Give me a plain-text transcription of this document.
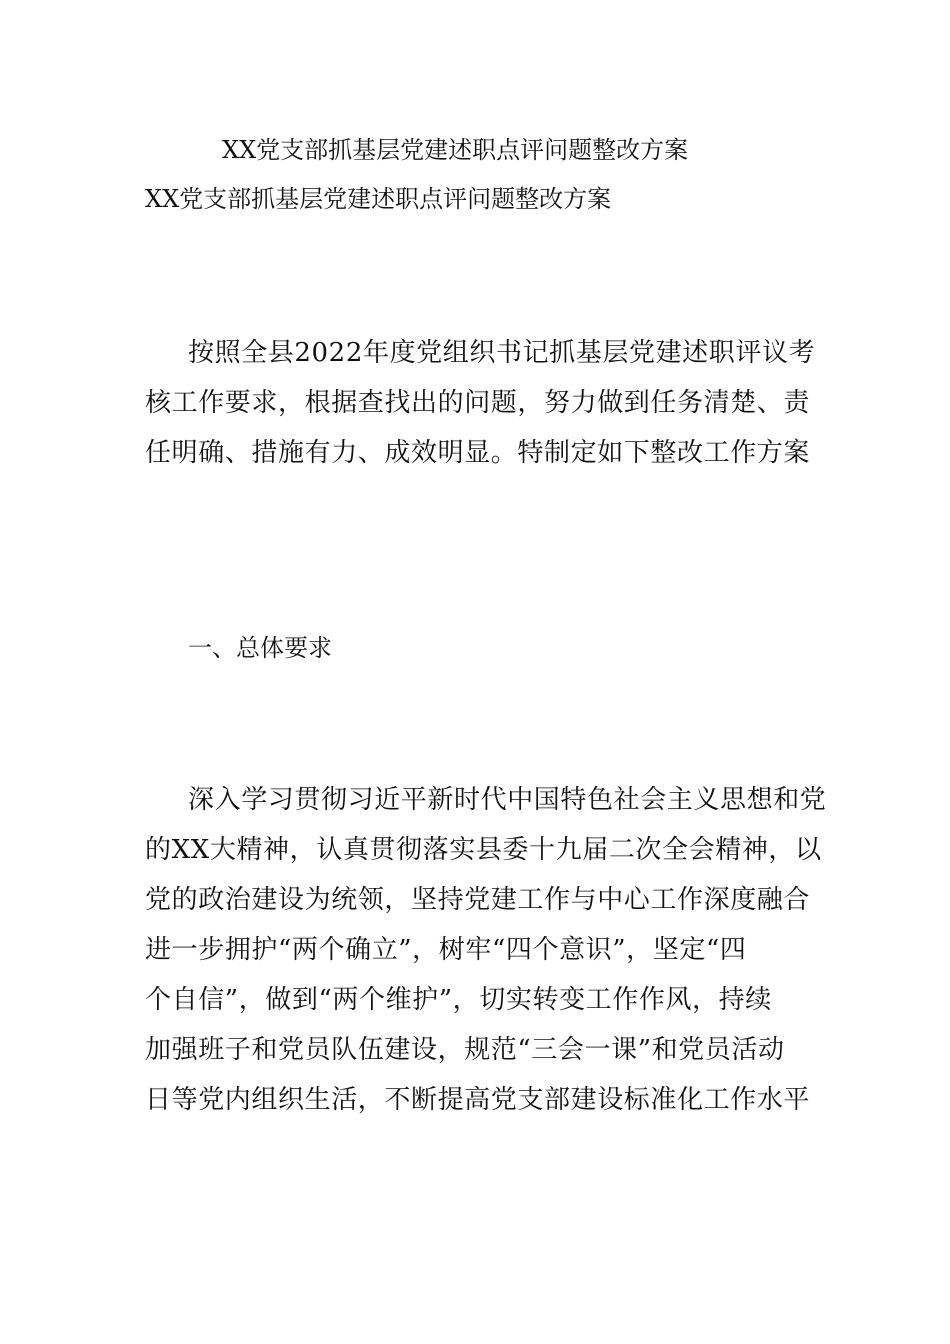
XX党支部抓基层党建述职点评问题整改方案
XX党支部抓基层党建述职点评问题整改方案
按照全县2022年度党组织书记抓基层党建述职评议考
核工作要求，根据查找出的问题，努力做到任务清楚、责
任明确、措施有力、成效明显。特制定如下整改工作方案
一、总体要求
深入学习贯彻习近平新时代中国特色社会主义思想和党
的XX大精神，认真贯彻落实县委十九届二次全会精神，以
党的政治建设为统领，坚持党建工作与中心工作深度融合
进一步拥护“两个确立”，树牢“四个意识”，坚定“四
个自信”，做到“两个维护”，切实转变工作作风，持续
加强班子和党员队伍建设，规范“三会一课”和党员活动
日等党内组织生活，不断提高党支部建设标准化工作水平
